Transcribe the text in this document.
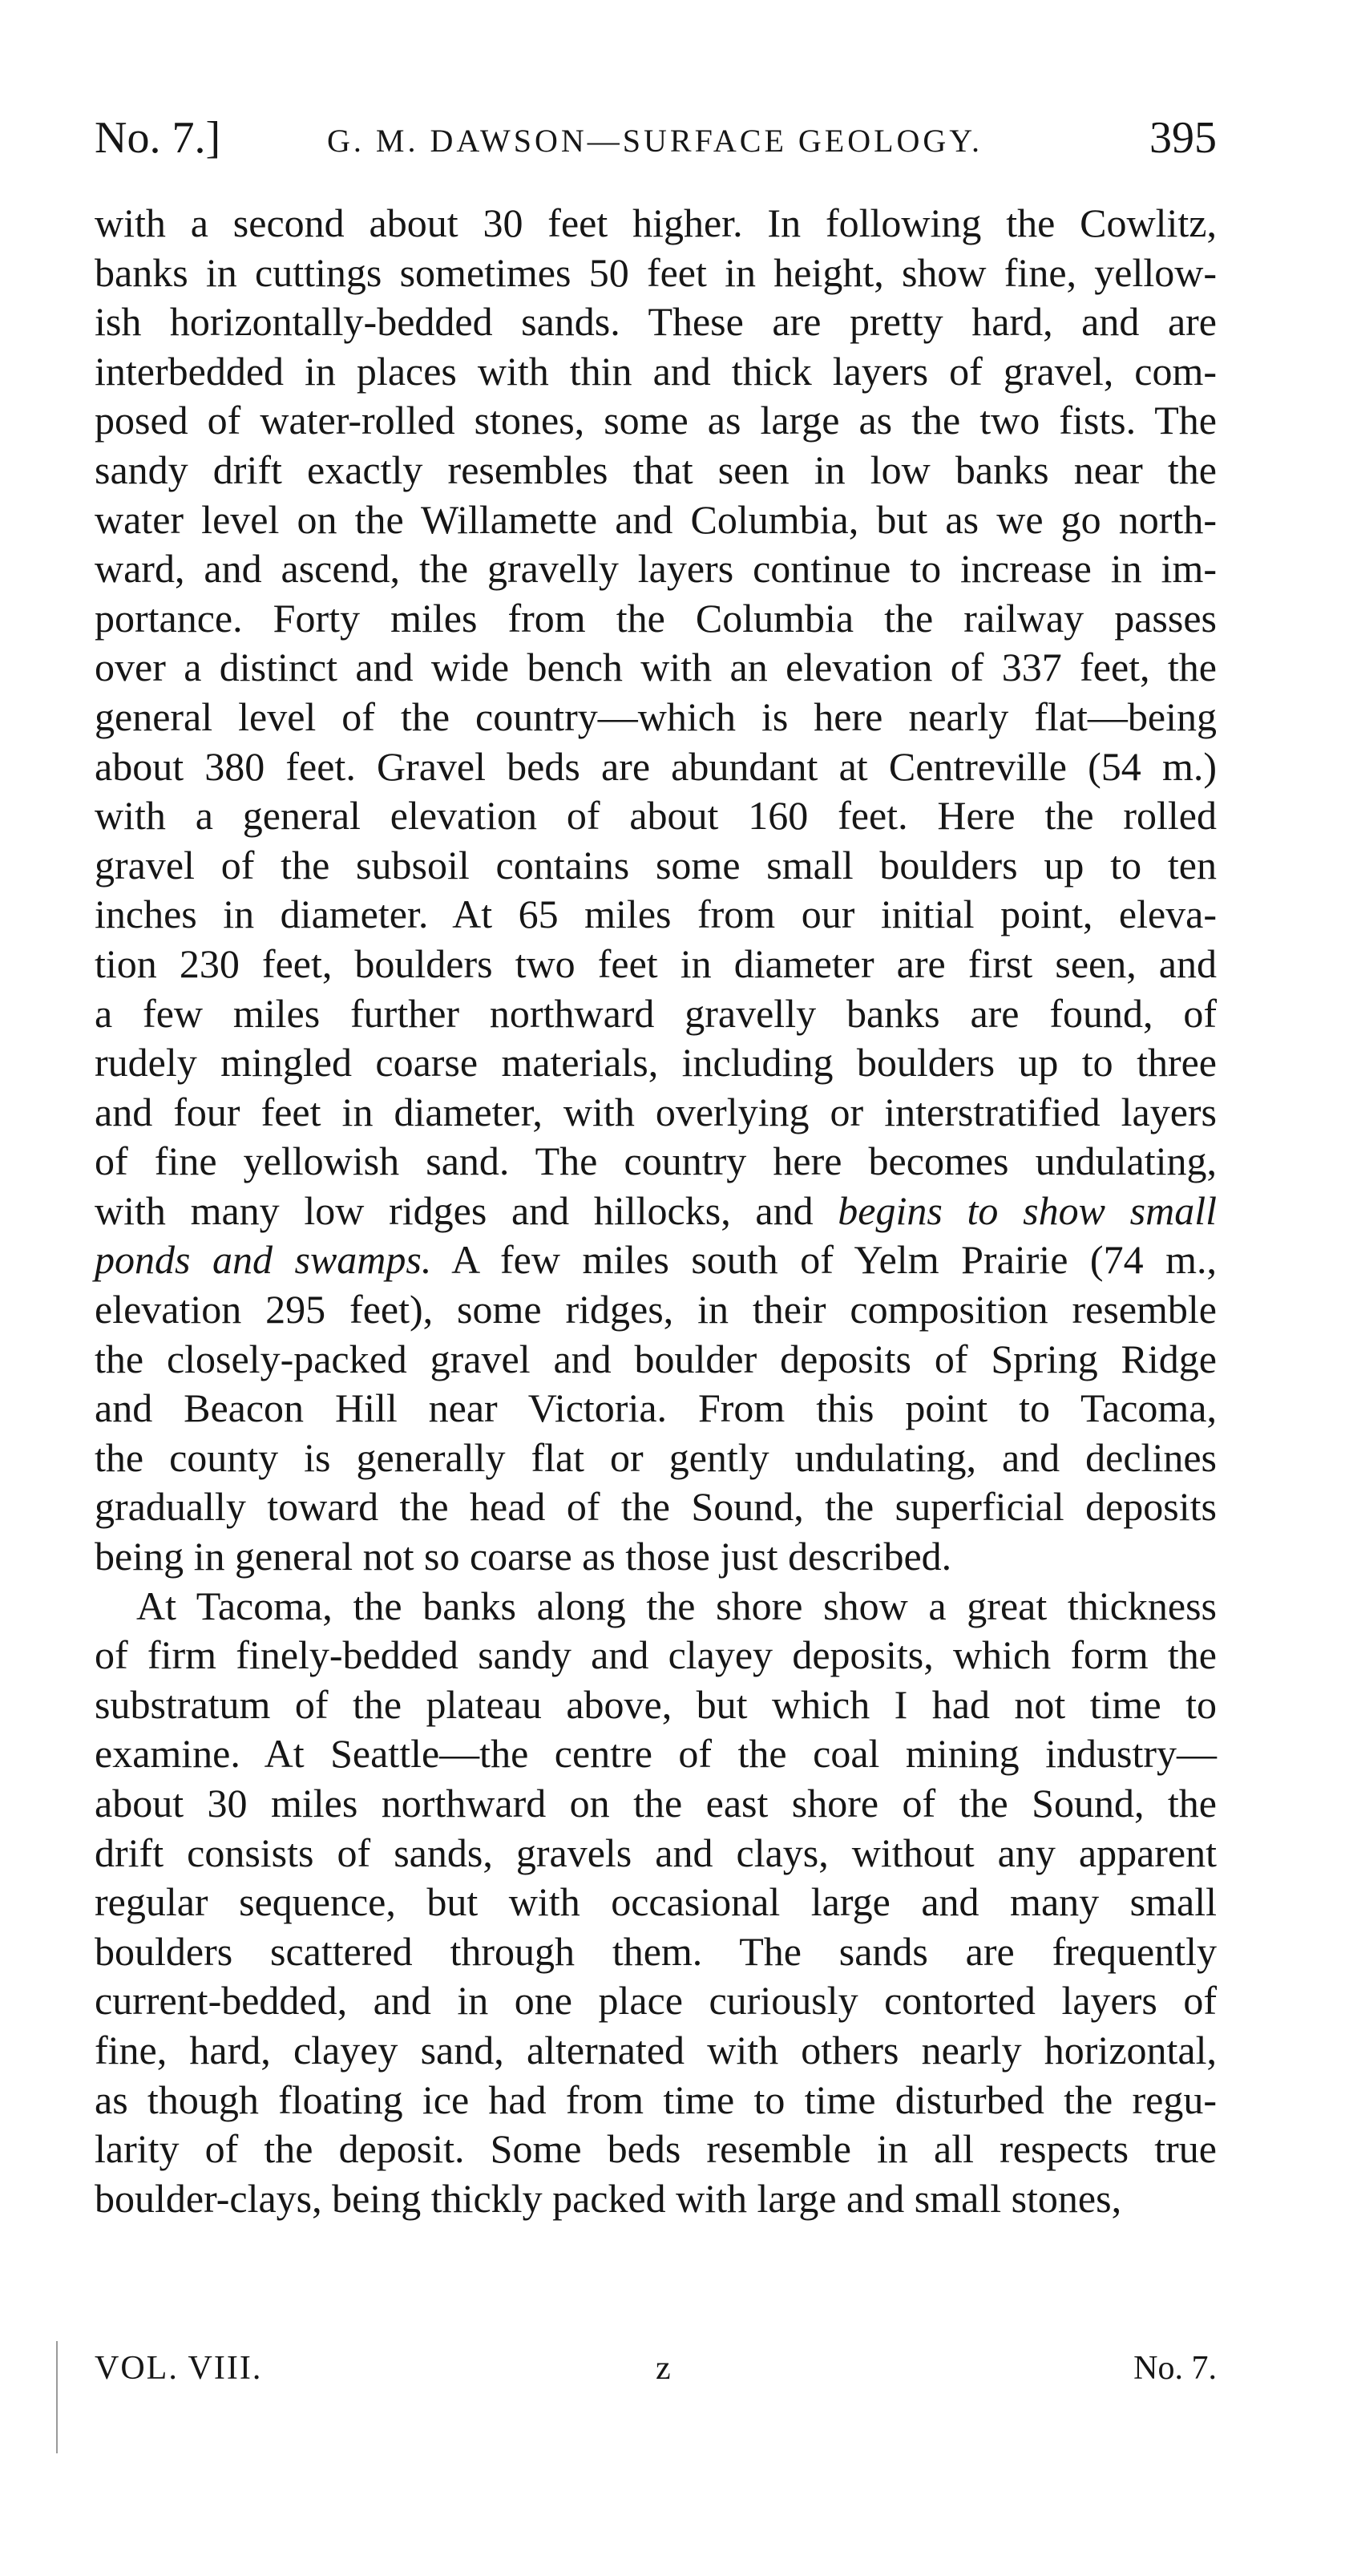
No. 7.]	G. M. DAWSON—SURFACE GEOLOGY.	395
with a second about 30 feet higher. In following the Cowlitz,
banks in cuttings sometimes 50 feet in height, show fine, yellow-
ish horizontally-bedded sands. These are pretty hard, and are
interbedded in places with thin and thick layers of gravel, com-
posed of water-rolled stones, some as large as the two fists. The
sandy drift exactly resembles that seen in low banks near the
water level on the Willamette and Columbia, but as we go north-
ward, and ascend, the gravelly layers continue to increase in im-
portance. Forty miles from the Columbia the railway passes
over a distinct and wide bench with an elevation of 337 feet, the
general level of the country—which is here nearly flat—being
about 380 feet. Gravel beds are abundant at Centreville (54 m.)
with a general elevation of about 160 feet. Here the rolled
gravel of the subsoil contains some small boulders up to ten
inches in diameter. At 65 miles from our initial point, eleva-
tion 230 feet, boulders two feet in diameter are first seen, and
a few miles further northward gravelly banks are found, of
rudely mingled coarse materials, including boulders up to three
and four feet in diameter, with overlying or interstratified layers
of fine yellowish sand. The country here becomes undulating,
with many low ridges and hillocks, and begins to show small
ponds and swamps. A few miles south of Yelm Prairie (74 m.,
elevation 295 feet), some ridges, in their composition resemble
the closely-packed gravel and boulder deposits of Spring Ridge
and Beacon Hill near Victoria. From this point to Tacoma,
the county is generally flat or gently undulating, and declines
gradually toward the head of the Sound, the superficial deposits
being in general not so coarse as those just described.
At Tacoma, the banks along the shore show a great thickness
of firm finely-bedded sandy and clayey deposits, which form the
substratum of the plateau above, but which I had not time to
examine. At Seattle—the centre of the coal mining industry—
about 30 miles northward on the east shore of the Sound, the
drift consists of sands, gravels and clays, without any apparent
regular sequence, but with occasional large and many small
boulders scattered through them. The sands are frequently
current-bedded, and in one place curiously contorted layers of
fine, hard, clayey sand, alternated with others nearly horizontal,
as though floating ice had from time to time disturbed the regu-
larity of the deposit. Some beds resemble in all respects true
boulder-clays, being thickly packed with large and small stones,
VOL. VIII.	z	No. 7.
